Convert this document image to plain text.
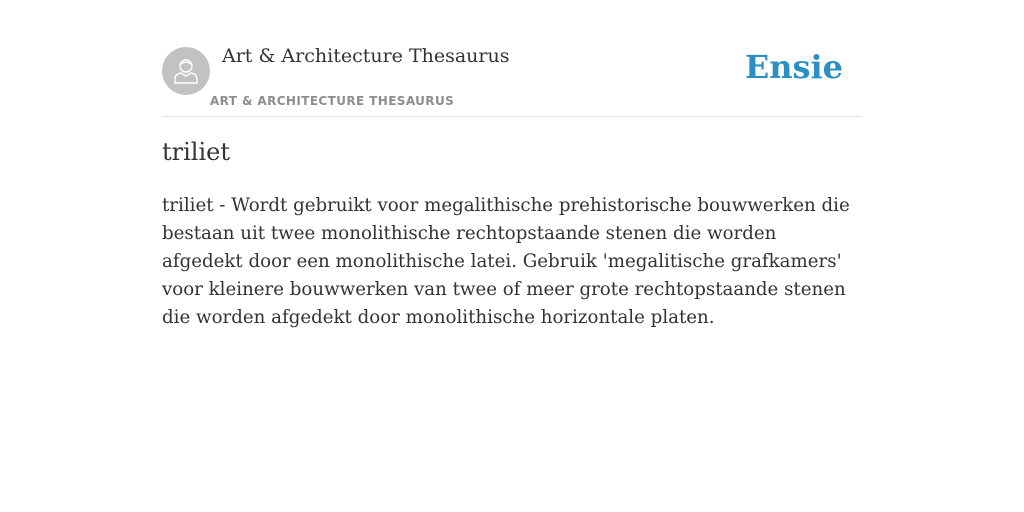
Art & Architecture Thesaurus
ART & ARCHITECTURE THESAURUS
Ensie
triliet
triliet - Wordt gebruikt voor megalithische prehistorische bouwwerken die bestaan uit twee monolithische rechtopstaande stenen die worden afgedekt door een monolithische latei. Gebruik 'megalitische grafkamers' voor kleinere bouwwerken van twee of meer grote rechtopstaande stenen die worden afgedekt door monolithische horizontale platen.
